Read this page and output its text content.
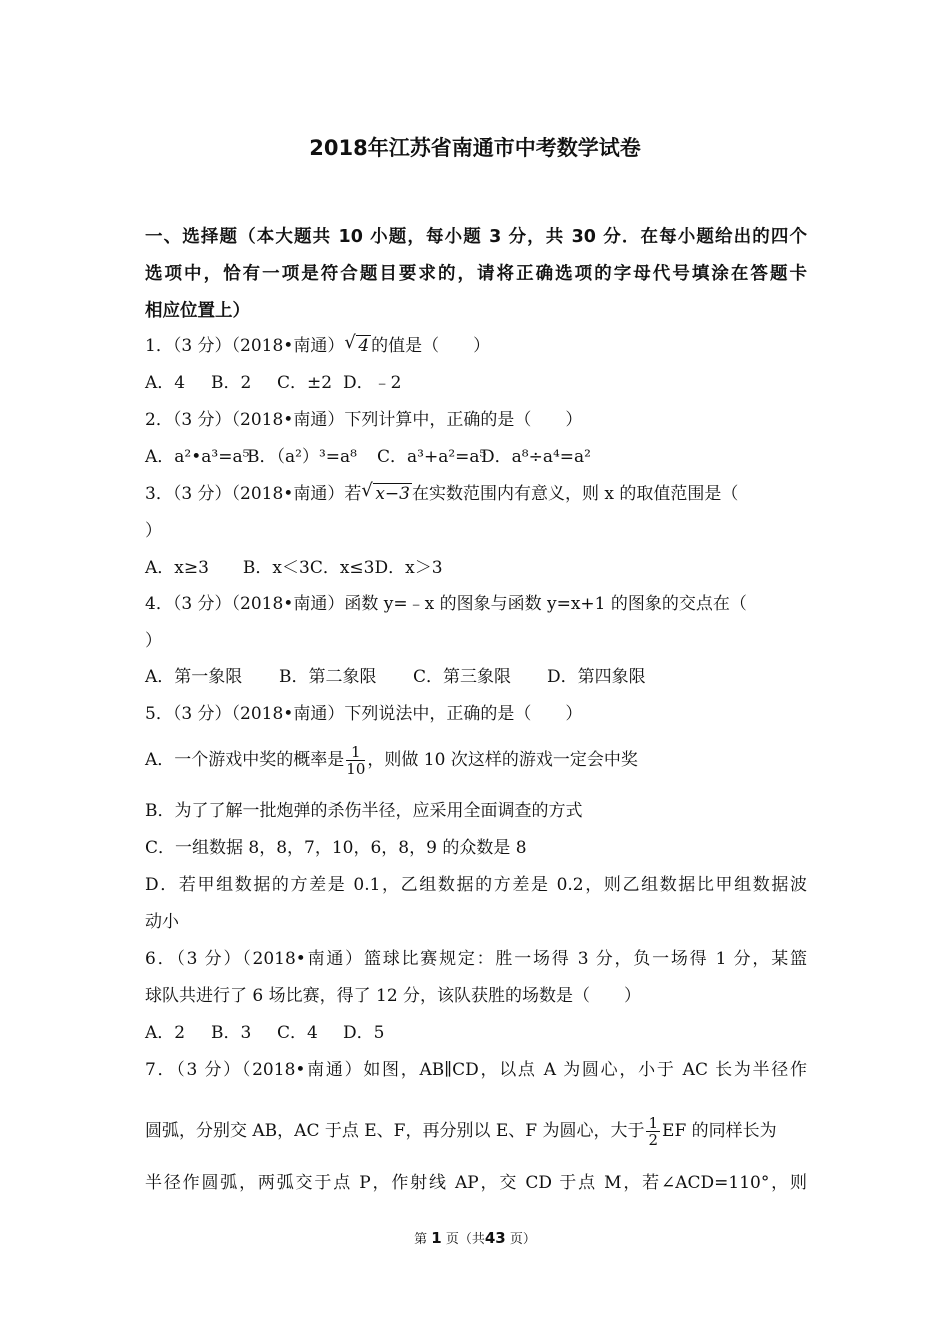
2018年江苏省南通市中考数学试卷
一、选择题（本大题共 10 小题，每小题 3 分，共 30 分．在每小题给出的四个
选项中，恰有一项是符合题目要求的，请将正确选项的字母代号填涂在答题卡
相应位置上）
1．（3 分）（2018•南通） √ 4 的值是（　　）
A．4 B．2 C．±2 D．﹣2
2．（3 分）（2018•南通）下列计算中，正确的是（　　）
A．a²•a³=a⁵B．（a²）³=a⁸ C．a³+a²=a⁵D．a⁸÷a⁴=a²
3．（3 分）（2018•南通）若 √ x−3 在实数范围内有意义，则 x 的取值范围是（
）
A．x≥3　　B．x＜3C．x≤3D．x＞3
4．（3 分）（2018•南通）函数 y=﹣x 的图象与函数 y=x+1 的图象的交点在（
）
A．第一象限 B．第二象限 C．第三象限 D．第四象限
5．（3 分）（2018•南通）下列说法中，正确的是（　　）
A．一个游戏中奖的概率是 $\frac{1}{10}$ ，则做 10 次这样的游戏一定会中奖
B．为了了解一批炮弹的杀伤半径，应采用全面调查的方式
C．一组数据 8，8，7，10，6，8，9 的众数是 8
D．若甲组数据的方差是 0.1，乙组数据的方差是 0.2，则乙组数据比甲组数据波
动小
6．（3 分）（2018•南通）篮球比赛规定：胜一场得 3 分，负一场得 1 分，某篮
球队共进行了 6 场比赛，得了 12 分，该队获胜的场数是（　　）
A．2 B．3 C．4 D．5
7．（3 分）（2018•南通）如图，AB∥CD，以点 A 为圆心，小于 AC 长为半径作
圆弧，分别交 AB，AC 于点 E、F，再分别以 E、F 为圆心，大于 $\frac{1}{2}$ EF 的同样长为
半径作圆弧，两弧交于点 P，作射线 AP，交 CD 于点 M，若∠ACD=110°，则
第 1 页（共43 页）
